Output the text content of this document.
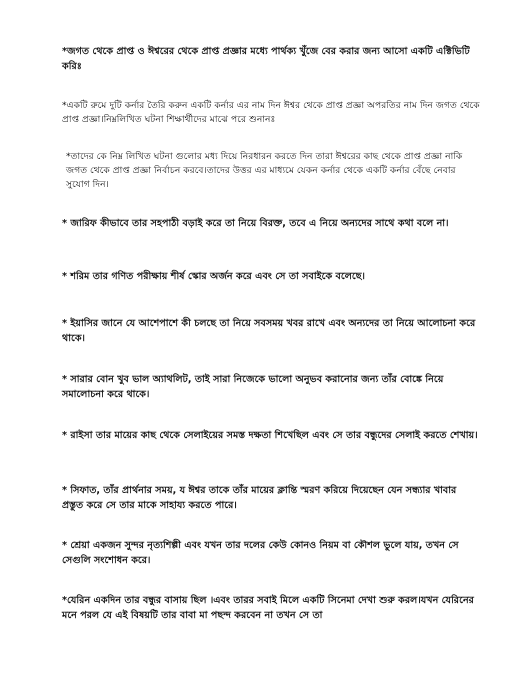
*জগত থেকে প্রাপ্ত ও ঈশ্বরের থেকে প্রাপ্ত প্রজ্ঞার মধ্যে পার্থক্য খুঁজে বের করার জন্য আসো একটি এক্টিভিটি করিঃ

*একটি রুমে দুটি কর্নার তৈরি করুন একটি কর্নার এর নাম দিন ঈশ্বর থেকে প্রাপ্ত প্রজ্ঞা অপরতির নাম দিন জগত থেকে প্রাপ্ত প্রজ্ঞা।নিম্নলিখিত ঘটনা শিক্ষার্থীদের মাঝে পরে শুনানঃ

*তাদের কে নিম্ন লিখিত ঘটনা গুলোর মধ্য দিয়ে নিরধারন করতে দিন তারা ঈশ্বরের কাছ থেকে প্রাপ্ত প্রজ্ঞা নাকি জগত থেকে প্রাপ্ত প্রজ্ঞা নির্বাচন করবে।তাদের উত্তর এর মাধ্যমে যেকন কর্নার থেকে একটি কর্নার বেঁছে নেবার সুযোগ দিন।

* জারিফ কীভাবে তার সহপাঠী বড়াই করে তা নিয়ে বিরক্ত, তবে এ নিয়ে অন্যদের সাথে কথা বলে না।

* শরিম তার গণিত পরীক্ষায় শীর্ষ স্কোর অর্জন করে এবং সে তা সবাইকে বলেছে।

* ইয়াসির জানে যে আশেপাশে কী চলছে তা নিয়ে সবসময় খবর রাখে এবং অন্যদের তা নিয়ে আলোচনা করে থাকে।

* সারার বোন খুব ভাল অ্যাথলিট, তাই সারা নিজেকে ভালো অনুভব করানোর জন্য তাঁর বোঙ্কে নিয়ে সমালোচনা করে থাকে।

* রাইসা তার মায়ের কাছ থেকে সেলাইয়ের সমস্ত দক্ষতা শিখেছিল এবং সে তার বন্ধুদের সেলাই করতে শেখায়।

* সিফাত, তাঁর প্রার্থনার সময়, য ঈশ্বর তাকে তাঁর মায়ের ক্লান্তি স্মরণ করিয়ে দিয়েছেন যেন সন্ধ্যার খাবার প্রস্তুত করে সে তার মাকে সাহায্য করতে পারে।

* শ্রেয়া একজন সুন্দর নৃত্যশিল্পী এবং যখন তার দলের কেউ কোনও নিয়ম বা কৌশল ভুলে যায়, তখন সে সেগুলি সংশোধন করে।

*যেরিন একদিন তার বন্ধুর বাসায় ছিল ।এবং তারর সবাই মিলে একটি সিনেমা দেখা শুরু করল।যখন যেরিনের মনে পরল যে এই বিষয়টি তার বাবা মা পছন্দ করবেন না তখন সে তা
